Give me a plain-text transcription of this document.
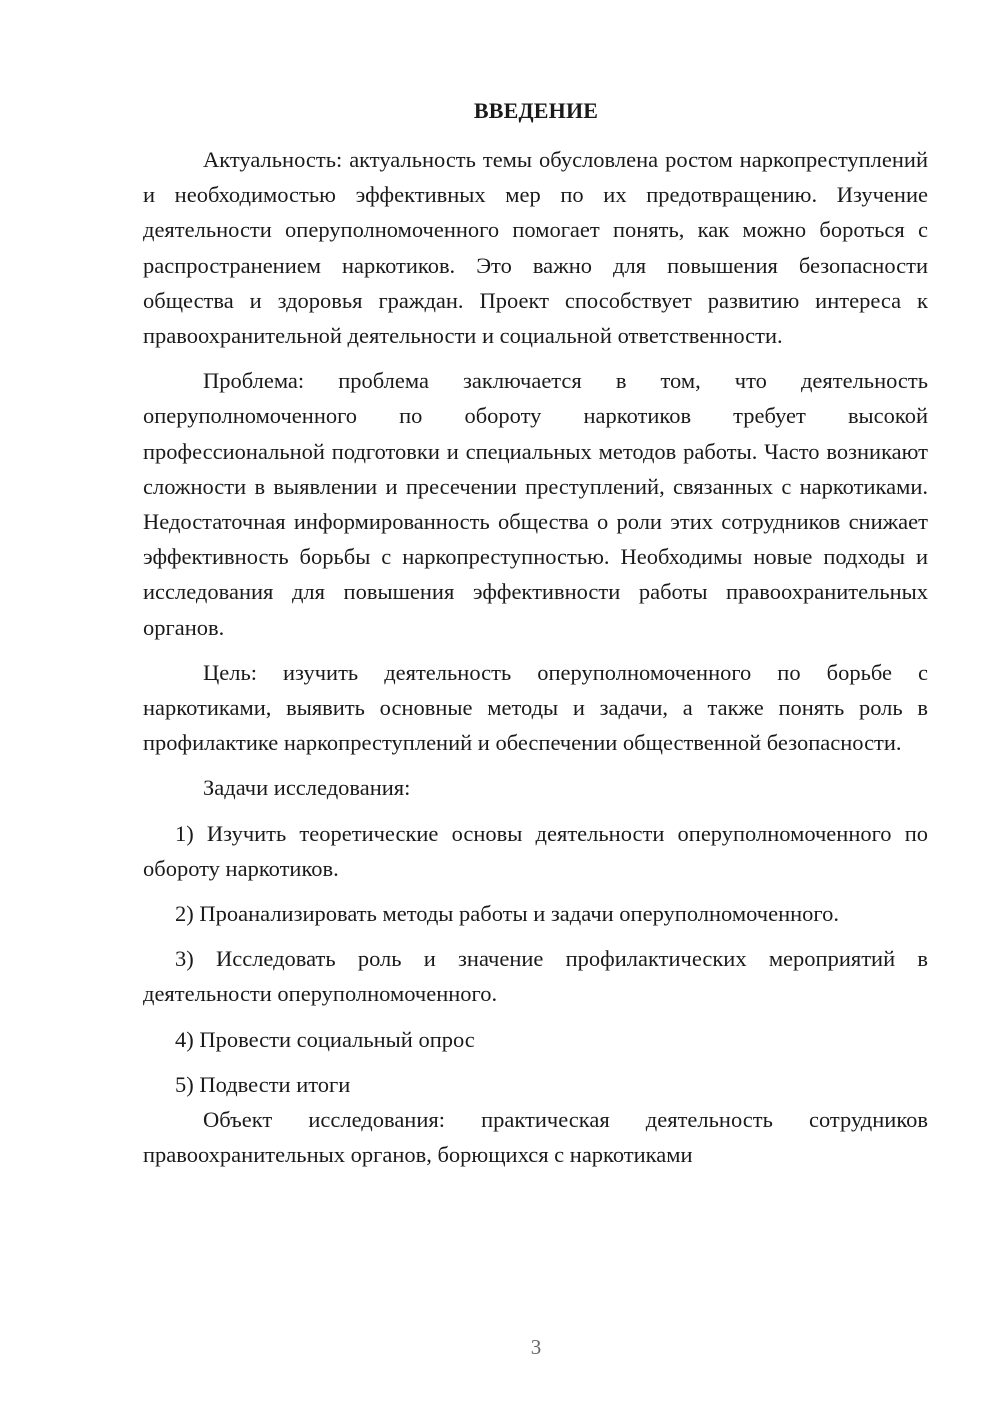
ВВЕДЕНИЕ

Актуальность: актуальность темы обусловлена ростом наркопреступлений и необходимостью эффективных мер по их предотвращению. Изучение деятельности оперуполномоченного помогает понять, как можно бороться с распространением наркотиков. Это важно для повышения безопасности общества и здоровья граждан. Проект способствует развитию интереса к правоохранительной деятельности и социальной ответственности.

Проблема: проблема заключается в том, что деятельность оперуполномоченного по обороту наркотиков требует высокой профессиональной подготовки и специальных методов работы. Часто возникают сложности в выявлении и пресечении преступлений, связанных с наркотиками. Недостаточная информированность общества о роли этих сотрудников снижает эффективность борьбы с наркопреступностью. Необходимы новые подходы и исследования для повышения эффективности работы правоохранительных органов.

Цель: изучить деятельность оперуполномоченного по борьбе с наркотиками, выявить основные методы и задачи, а также понять роль в профилактике наркопреступлений и обеспечении общественной безопасности.

Задачи исследования:

1) Изучить теоретические основы деятельности оперуполномоченного по обороту наркотиков.

2) Проанализировать методы работы и задачи оперуполномоченного.

3) Исследовать роль и значение профилактических мероприятий в деятельности оперуполномоченного.

4) Провести социальный опрос

5) Подвести итоги

Объект исследования: практическая деятельность сотрудников правоохранительных органов, борющихся с наркотиками

3
